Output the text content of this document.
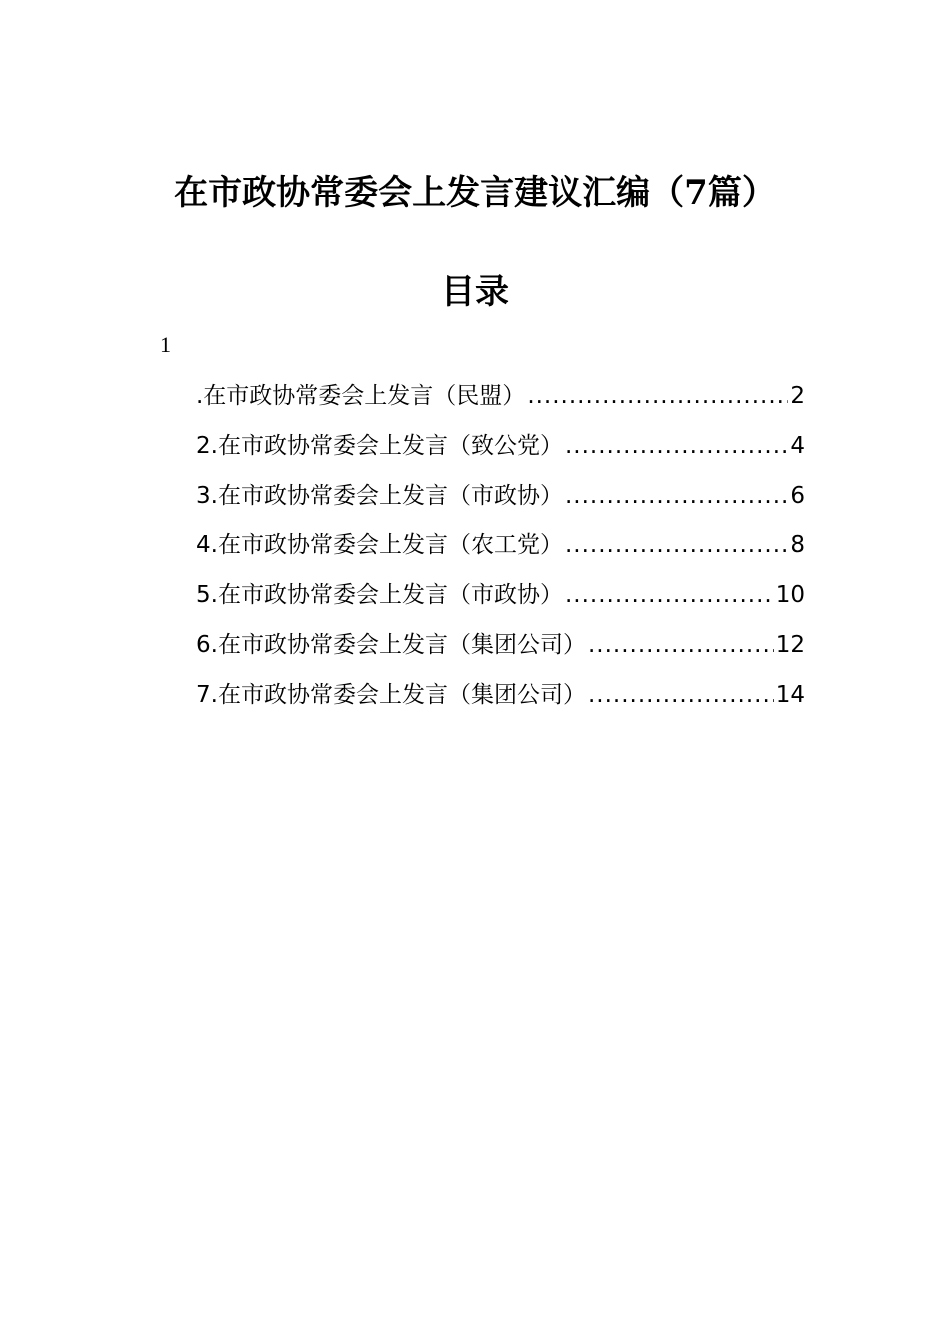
在市政协常委会上发言建议汇编（7篇）
目录
1
.在市政协常委会上发言（民盟） .....	2
2.在市政协常委会上发言（致公党） .....	4
3.在市政协常委会上发言（市政协） .....	6
4.在市政协常委会上发言（农工党） .....	8
5.在市政协常委会上发言（市政协） .....	10
6.在市政协常委会上发言（集团公司） .....	12
7.在市政协常委会上发言（集团公司） .....	14
